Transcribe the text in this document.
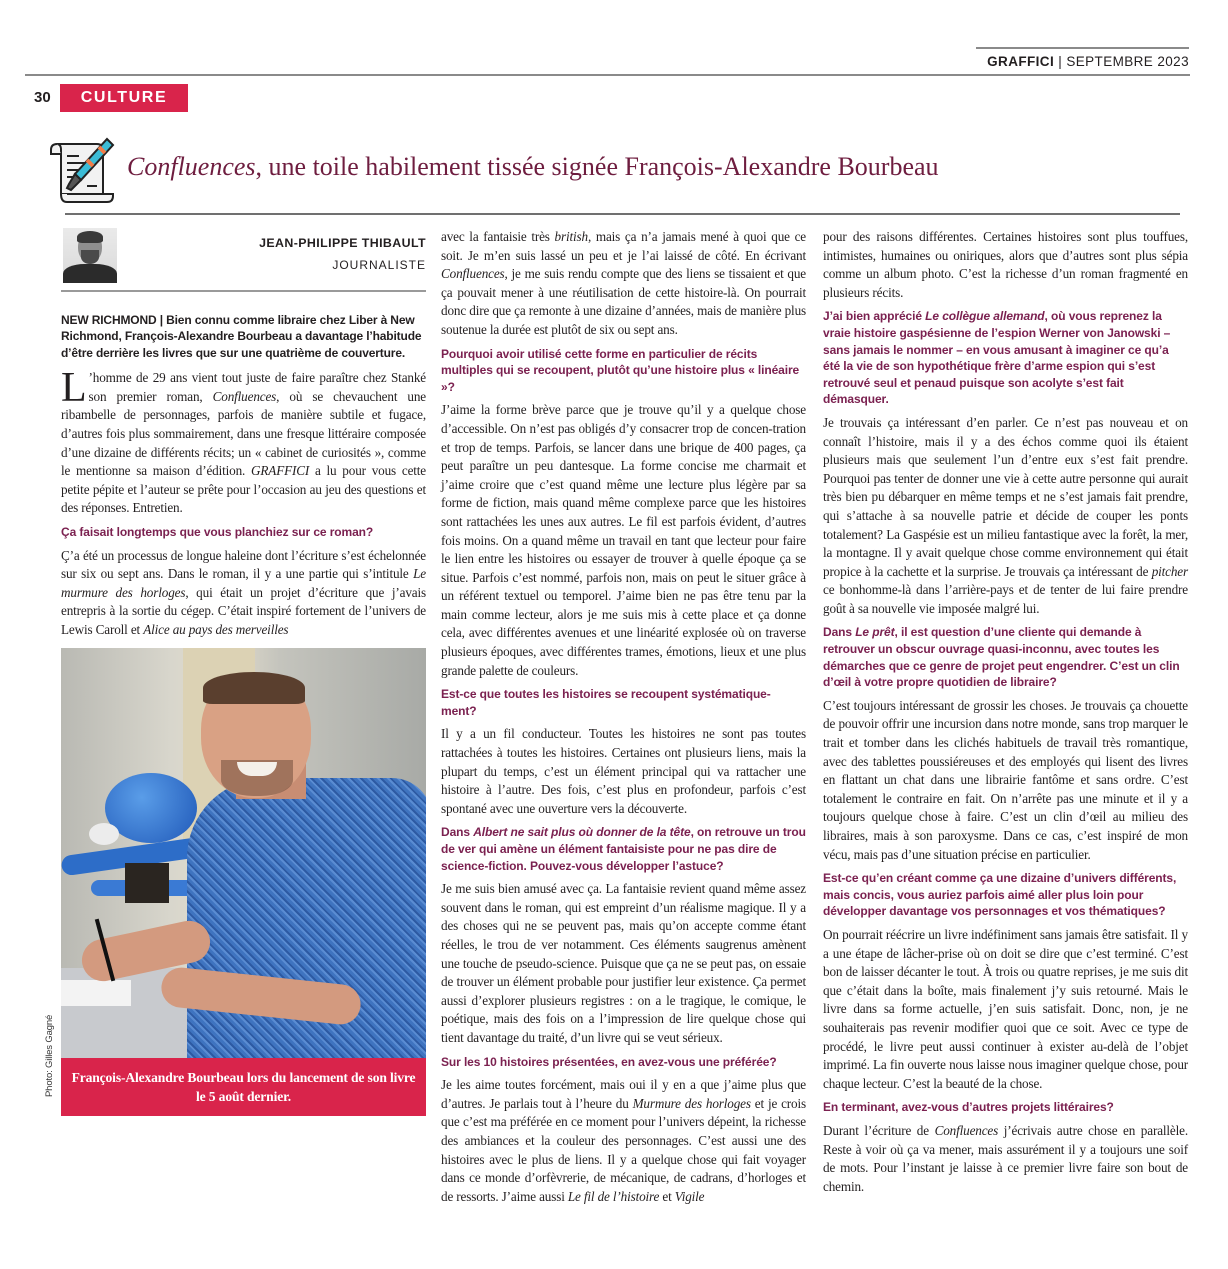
GRAFFICI | SEPTEMBRE 2023
30	CULTURE
Confluences, une toile habilement tissée signée François-Alexandre Bourbeau
JEAN-PHILIPPE THIBAULT
JOURNALISTE
NEW RICHMOND | Bien connu comme libraire chez Liber à New Richmond, François-Alexandre Bourbeau a davantage l’habitude d’être derrière les livres que sur une quatrième de couverture.

L ’homme de 29 ans vient tout juste de faire paraître chez Stanké son premier roman, Confluences, où se chevauchent une ribambelle de personnages, parfois de manière subtile et fugace, d’autres fois plus sommairement, dans une fresque littéraire composée d’une dizaine de différents récits; un « cabinet de curiosités », comme le mentionne sa maison d’édition. GRAFFICI a lu pour vous cette petite pépite et l’auteur se prête pour l’occasion au jeu des questions et des réponses. Entretien.

Ça faisait longtemps que vous planchiez sur ce roman?

Ç’a été un processus de longue haleine dont l’écriture s’est échelonnée sur six ou sept ans. Dans le roman, il y a une partie qui s’intitule Le murmure des horloges, qui était un projet d’écriture que j’avais entrepris à la sortie du cégep. C’était inspiré fortement de l’univers de Lewis Caroll et Alice au pays des merveilles

François-Alexandre Bourbeau lors du lancement de son livre le 5 août dernier.
Photo: Gilles Gagné

avec la fantaisie très british, mais ça n’a jamais mené à quoi que ce soit. Je m’en suis lassé un peu et je l’ai laissé de côté. En écrivant Confluences, je me suis rendu compte que des liens se tissaient et que ça pouvait mener à une réutilisation de cette histoire-là. On pourrait donc dire que ça remonte à une dizaine d’années, mais de manière plus soutenue la durée est plutôt de six ou sept ans.

Pourquoi avoir utilisé cette forme en particulier de récits multiples qui se recoupent, plutôt qu’une histoire plus « linéaire »?

J’aime la forme brève parce que je trouve qu’il y a quelque chose d’accessible. On n’est pas obligés d’y consacrer trop de concen-tration et trop de temps. Parfois, se lancer dans une brique de 400 pages, ça peut paraître un peu dantesque. La forme concise me charmait et j’aime croire que c’est quand même une lecture plus légère par sa forme de fiction, mais quand même complexe parce que les histoires sont rattachées les unes aux autres. Le fil est parfois évident, d’autres fois moins. On a quand même un travail en tant que lecteur pour faire le lien entre les histoires ou essayer de trouver à quelle époque ça se situe. Parfois c’est nommé, parfois non, mais on peut le situer grâce à un référent textuel ou temporel. J’aime bien ne pas être tenu par la main comme lecteur, alors je me suis mis à cette place et ça donne cela, avec différentes avenues et une linéarité explosée où on traverse plusieurs époques, avec différentes trames, émotions, lieux et une plus grande palette de couleurs.

Est-ce que toutes les histoires se recoupent systématique-ment?

Il y a un fil conducteur. Toutes les histoires ne sont pas toutes rattachées à toutes les histoires. Certaines ont plusieurs liens, mais la plupart du temps, c’est un élément principal qui va rattacher une histoire à l’autre. Des fois, c’est plus en profondeur, parfois c’est spontané avec une ouverture vers la découverte.

Dans Albert ne sait plus où donner de la tête, on retrouve un trou de ver qui amène un élément fantaisiste pour ne pas dire de science-fiction. Pouvez-vous développer l’astuce?

Je me suis bien amusé avec ça. La fantaisie revient quand même assez souvent dans le roman, qui est empreint d’un réalisme magique. Il y a des choses qui ne se peuvent pas, mais qu’on accepte comme étant réelles, le trou de ver notamment. Ces éléments saugrenus amènent une touche de pseudo-science. Puisque que ça ne se peut pas, on essaie de trouver un élément probable pour justifier leur existence. Ça permet aussi d’explorer plusieurs registres : on a le tragique, le comique, le poétique, mais des fois on a l’impression de lire quelque chose qui tient davantage du traité, d’un livre qui se veut sérieux.

Sur les 10 histoires présentées, en avez-vous une préférée?

Je les aime toutes forcément, mais oui il y en a que j’aime plus que d’autres. Je parlais tout à l’heure du Murmure des horloges et je crois que c’est ma préférée en ce moment pour l’univers dépeint, la richesse des ambiances et la couleur des personnages. C’est aussi une des histoires avec le plus de liens. Il y a quelque chose qui fait voyager dans ce monde d’orfèvrerie, de mécanique, de cadrans, d’horloges et de ressorts. J’aime aussi Le fil de l’histoire et Vigile

pour des raisons différentes. Certaines histoires sont plus touffues, intimistes, humaines ou oniriques, alors que d’autres sont plus sépia comme un album photo. C’est la richesse d’un roman fragmenté en plusieurs récits.

J’ai bien apprécié Le collègue allemand, où vous reprenez la vraie histoire gaspésienne de l’espion Werner von Janowski – sans jamais le nommer – en vous amusant à imaginer ce qu’a été la vie de son hypothétique frère d’arme espion qui s’est retrouvé seul et penaud puisque son acolyte s’est fait démasquer.

Je trouvais ça intéressant d’en parler. Ce n’est pas nouveau et on connaît l’histoire, mais il y a des échos comme quoi ils étaient plusieurs mais que seulement l’un d’entre eux s’est fait prendre. Pourquoi pas tenter de donner une vie à cette autre personne qui aurait très bien pu débarquer en même temps et ne s’est jamais fait prendre, qui s’attache à sa nouvelle patrie et décide de couper les ponts totalement? La Gaspésie est un milieu fantastique avec la forêt, la mer, la montagne. Il y avait quelque chose comme environnement qui était propice à la cachette et la surprise. Je trouvais ça intéressant de pitcher ce bonhomme-là dans l’arrière-pays et de tenter de lui faire prendre goût à sa nouvelle vie imposée malgré lui.

Dans Le prêt, il est question d’une cliente qui demande à retrouver un obscur ouvrage quasi-inconnu, avec toutes les démarches que ce genre de projet peut engendrer. C’est un clin d’œil à votre propre quotidien de libraire?

C’est toujours intéressant de grossir les choses. Je trouvais ça chouette de pouvoir offrir une incursion dans notre monde, sans trop marquer le trait et tomber dans les clichés habituels de travail très romantique, avec des tablettes poussiéreuses et des employés qui lisent des livres en flattant un chat dans une librairie fantôme et sans ordre. C’est totalement le contraire en fait. On n’arrête pas une minute et il y a toujours quelque chose à faire. C’est un clin d’œil au milieu des libraires, mais à son paroxysme. Dans ce cas, c’est inspiré de mon vécu, mais pas d’une situation précise en particulier.

Est-ce qu’en créant comme ça une dizaine d’univers différents, mais concis, vous auriez parfois aimé aller plus loin pour développer davantage vos personnages et vos thématiques?

On pourrait réécrire un livre indéfiniment sans jamais être satisfait. Il y a une étape de lâcher-prise où on doit se dire que c’est terminé. C’est bon de laisser décanter le tout. À trois ou quatre reprises, je me suis dit que c’était dans la boîte, mais finalement j’y suis retourné. Mais le livre dans sa forme actuelle, j’en suis satisfait. Donc, non, je ne souhaiterais pas revenir modifier quoi que ce soit. Avec ce type de procédé, le livre peut aussi continuer à exister au-delà de l’objet imprimé. La fin ouverte nous laisse nous imaginer quelque chose, pour chaque lecteur. C’est la beauté de la chose.

En terminant, avez-vous d’autres projets littéraires?

Durant l’écriture de Confluences j’écrivais autre chose en parallèle. Reste à voir où ça va mener, mais assurément il y a toujours une soif de mots. Pour l’instant je laisse à ce premier livre faire son bout de chemin.
